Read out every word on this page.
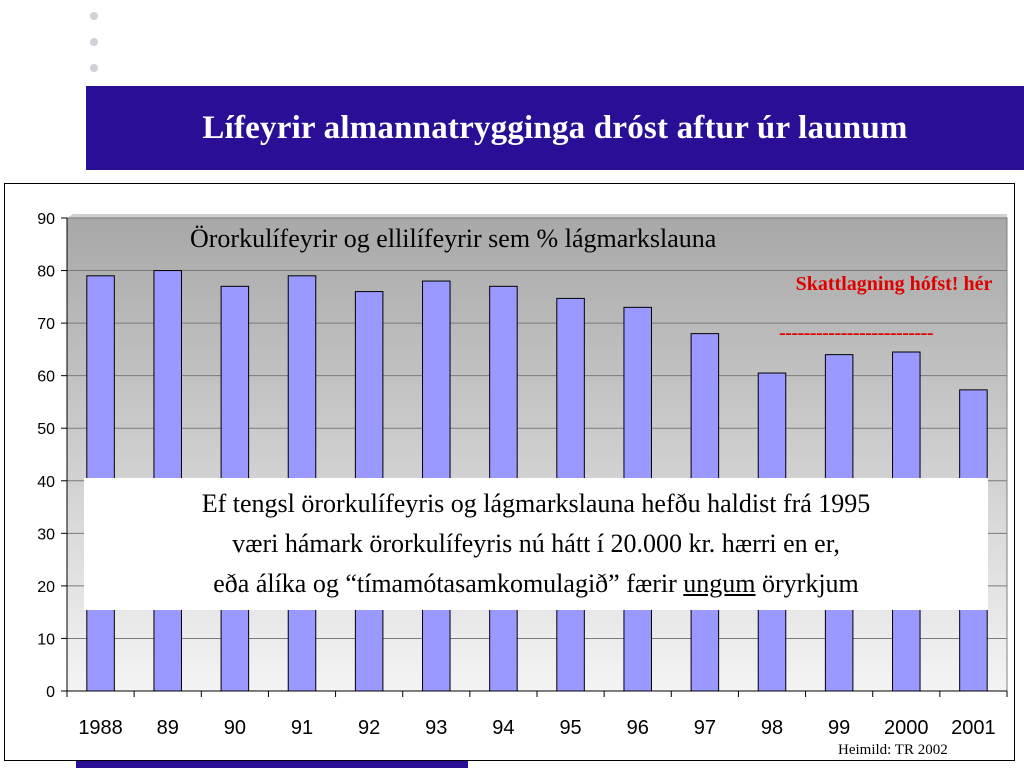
Lífeyrir almannatrygginga dróst aftur úr launum
0
10
20
30
40
50
60
70
80
90
1988 89 90 91 92 93 94 95 96 97 98 99 2000 2001
Örorkulífeyrir og ellilífeyrir sem % lágmarkslauna
Skattlagning hófst! hér
-------------------------
Ef tengsl örorkulífeyris og lágmarkslauna hefðu haldist frá 1995
væri hámark örorkulífeyris nú hátt í 20.000 kr. hærri en er,
eða álíka og “tímamótasamkomulagið” færir ungum öryrkjum
Heimild: TR 2002
